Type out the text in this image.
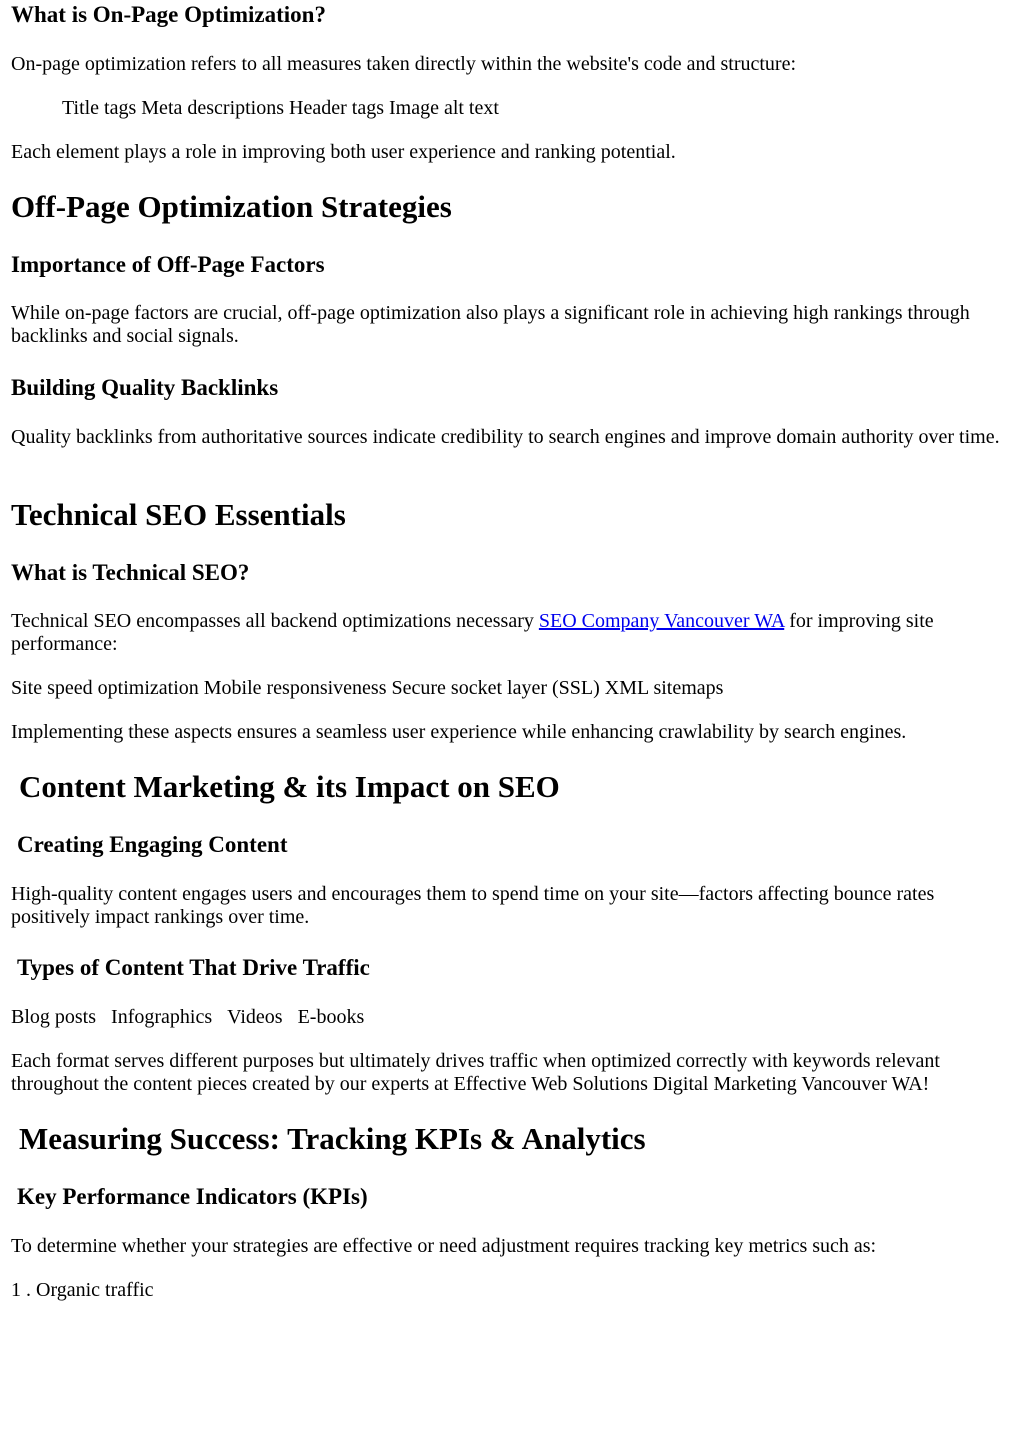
What is On-Page Optimization?

On-page optimization refers to all measures taken directly within the website's code and structure:

Title tags Meta descriptions Header tags Image alt text

Each element plays a role in improving both user experience and ranking potential.

Off-Page Optimization Strategies
Importance of Off-Page Factors

While on-page factors are crucial, off-page optimization also plays a significant role in achieving high rankings through backlinks and social signals.

Building Quality Backlinks

Quality backlinks from authoritative sources indicate credibility to search engines and improve domain authority over time.

Technical SEO Essentials
What is Technical SEO?

Technical SEO encompasses all backend optimizations necessary SEO Company Vancouver WA for improving site performance:

Site speed optimization Mobile responsiveness Secure socket layer (SSL) XML sitemaps

Implementing these aspects ensures a seamless user experience while enhancing crawlability by search engines.

Content Marketing & its Impact on SEO
Creating Engaging Content

High-quality content engages users and encourages them to spend time on your site—factors affecting bounce rates positively impact rankings over time.

Types of Content That Drive Traffic

Blog posts Infographics Videos E-books

Each format serves different purposes but ultimately drives traffic when optimized correctly with keywords relevant throughout the content pieces created by our experts at Effective Web Solutions Digital Marketing Vancouver WA!

Measuring Success: Tracking KPIs & Analytics
Key Performance Indicators (KPIs)

To determine whether your strategies are effective or need adjustment requires tracking key metrics such as:

1 . Organic traffic
